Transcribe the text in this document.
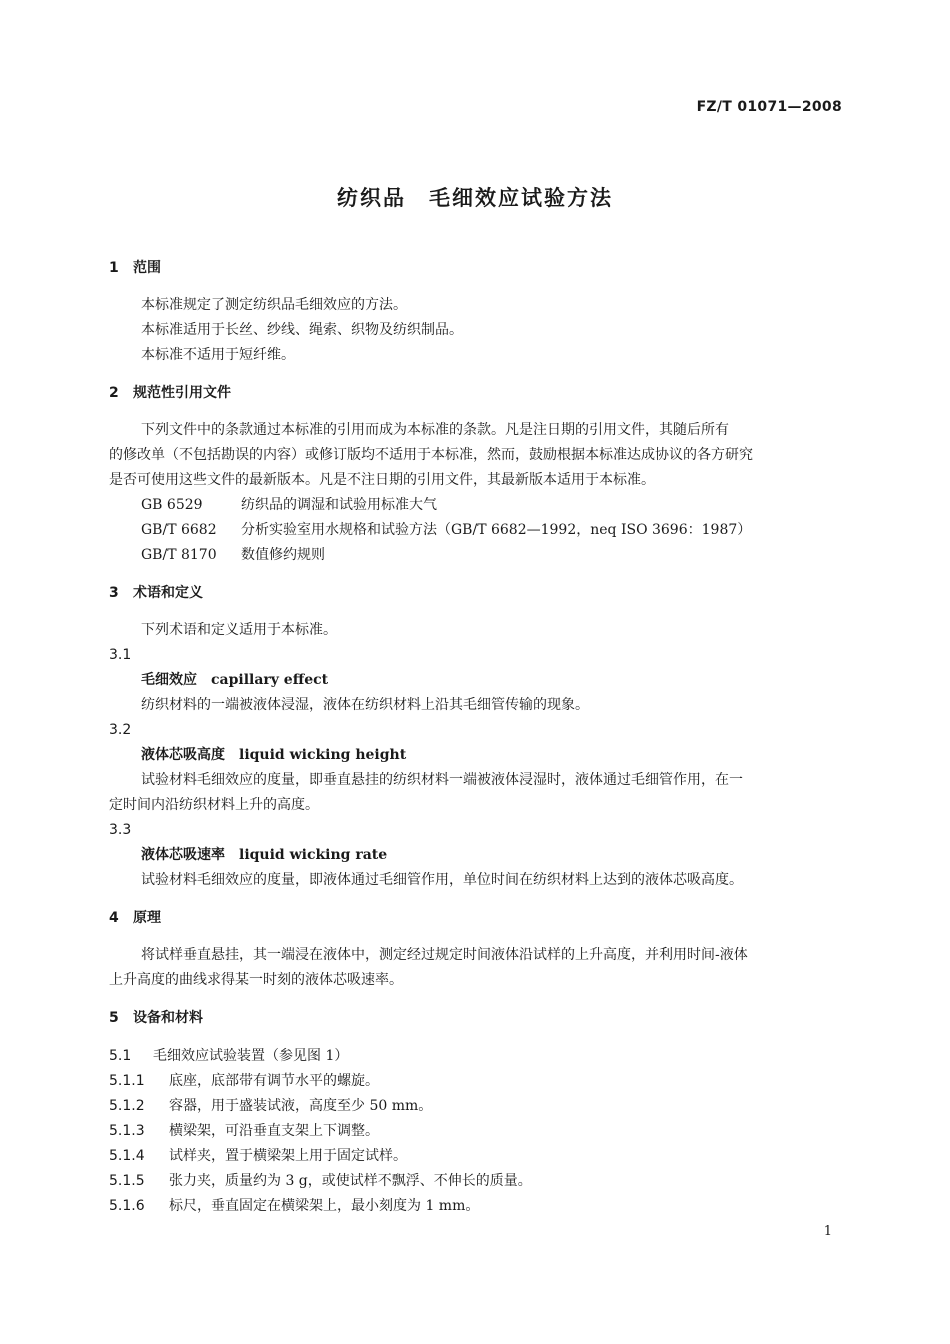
FZ/T 01071—2008
纺织品　毛细效应试验方法
1 范围
本标准规定了测定纺织品毛细效应的方法。
本标准适用于长丝、纱线、绳索、织物及纺织制品。
本标准不适用于短纤维。
2 规范性引用文件
下列文件中的条款通过本标准的引用而成为本标准的条款。凡是注日期的引用文件，其随后所有
的修改单（不包括勘误的内容）或修订版均不适用于本标准，然而，鼓励根据本标准达成协议的各方研究
是否可使用这些文件的最新版本。凡是不注日期的引用文件，其最新版本适用于本标准。
GB 6529	纺织品的调湿和试验用标准大气
GB/T 6682 分析实验室用水规格和试验方法（GB/T 6682—1992，neq ISO 3696：1987）
GB/T 8170 数值修约规则
3 术语和定义
下列术语和定义适用于本标准。
3.1
毛细效应 capillary effect
纺织材料的一端被液体浸湿，液体在纺织材料上沿其毛细管传输的现象。
3.2
液体芯吸高度 liquid wicking height
试验材料毛细效应的度量，即垂直悬挂的纺织材料一端被液体浸湿时，液体通过毛细管作用，在一
定时间内沿纺织材料上升的高度。
3.3
液体芯吸速率 liquid wicking rate
试验材料毛细效应的度量，即液体通过毛细管作用，单位时间在纺织材料上达到的液体芯吸高度。
4 原理
将试样垂直悬挂，其一端浸在液体中，测定经过规定时间液体沿试样的上升高度，并利用时间-液体
上升高度的曲线求得某一时刻的液体芯吸速率。
5 设备和材料
5.1 毛细效应试验装置（参见图 1）
5.1.1 底座，底部带有调节水平的螺旋。
5.1.2 容器，用于盛装试液，高度至少 50 mm。
5.1.3 横梁架，可沿垂直支架上下调整。
5.1.4 试样夹，置于横梁架上用于固定试样。
5.1.5 张力夹，质量约为 3 g，或使试样不飘浮、不伸长的质量。
5.1.6 标尺，垂直固定在横梁架上，最小刻度为 1 mm。
1
